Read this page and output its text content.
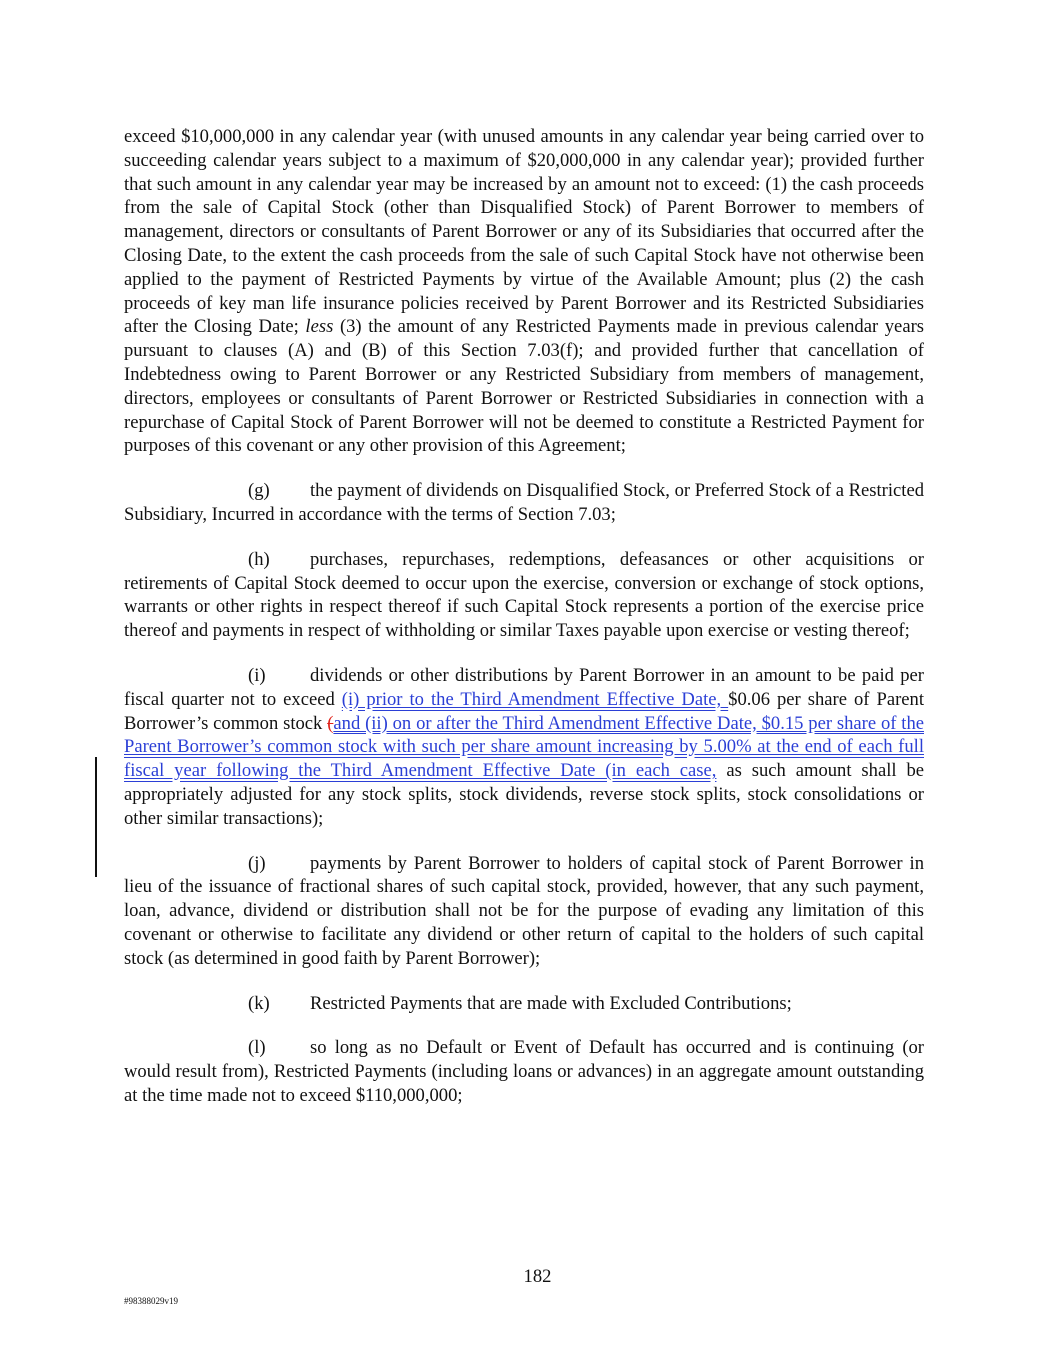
exceed $10,000,000 in any calendar year (with unused amounts in any calendar year being carried over to succeeding calendar years subject to a maximum of $20,000,000 in any calendar year); provided further that such amount in any calendar year may be increased by an amount not to exceed: (1) the cash proceeds from the sale of Capital Stock (other than Disqualified Stock) of Parent Borrower to members of management, directors or consultants of Parent Borrower or any of its Subsidiaries that occurred after the Closing Date, to the extent the cash proceeds from the sale of such Capital Stock have not otherwise been applied to the payment of Restricted Payments by virtue of the Available Amount; plus (2) the cash proceeds of key man life insurance policies received by Parent Borrower and its Restricted Subsidiaries after the Closing Date; less (3) the amount of any Restricted Payments made in previous calendar years pursuant to clauses (A) and (B) of this Section 7.03(f); and provided further that cancellation of Indebtedness owing to Parent Borrower or any Restricted Subsidiary from members of management, directors, employees or consultants of Parent Borrower or Restricted Subsidiaries in connection with a repurchase of Capital Stock of Parent Borrower will not be deemed to constitute a Restricted Payment for purposes of this covenant or any other provision of this Agreement;

(g) the payment of dividends on Disqualified Stock, or Preferred Stock of a Restricted Subsidiary, Incurred in accordance with the terms of Section 7.03;

(h) purchases, repurchases, redemptions, defeasances or other acquisitions or retirements of Capital Stock deemed to occur upon the exercise, conversion or exchange of stock options, warrants or other rights in respect thereof if such Capital Stock represents a portion of the exercise price thereof and payments in respect of withholding or similar Taxes payable upon exercise or vesting thereof;

(i) dividends or other distributions by Parent Borrower in an amount to be paid per fiscal quarter not to exceed (i) prior to the Third Amendment Effective Date, $0.06 per share of Parent Borrower’s common stock (and (ii) on or after the Third Amendment Effective Date, $0.15 per share of the Parent Borrower’s common stock with such per share amount increasing by 5.00% at the end of each full fiscal year following the Third Amendment Effective Date (in each case, as such amount shall be appropriately adjusted for any stock splits, stock dividends, reverse stock splits, stock consolidations or other similar transactions);

(j) payments by Parent Borrower to holders of capital stock of Parent Borrower in lieu of the issuance of fractional shares of such capital stock, provided, however, that any such payment, loan, advance, dividend or distribution shall not be for the purpose of evading any limitation of this covenant or otherwise to facilitate any dividend or other return of capital to the holders of such capital stock (as determined in good faith by Parent Borrower);

(k) Restricted Payments that are made with Excluded Contributions;

(l) so long as no Default or Event of Default has occurred and is continuing (or would result from), Restricted Payments (including loans or advances) in an aggregate amount outstanding at the time made not to exceed $110,000,000;

182
#98388029v19
